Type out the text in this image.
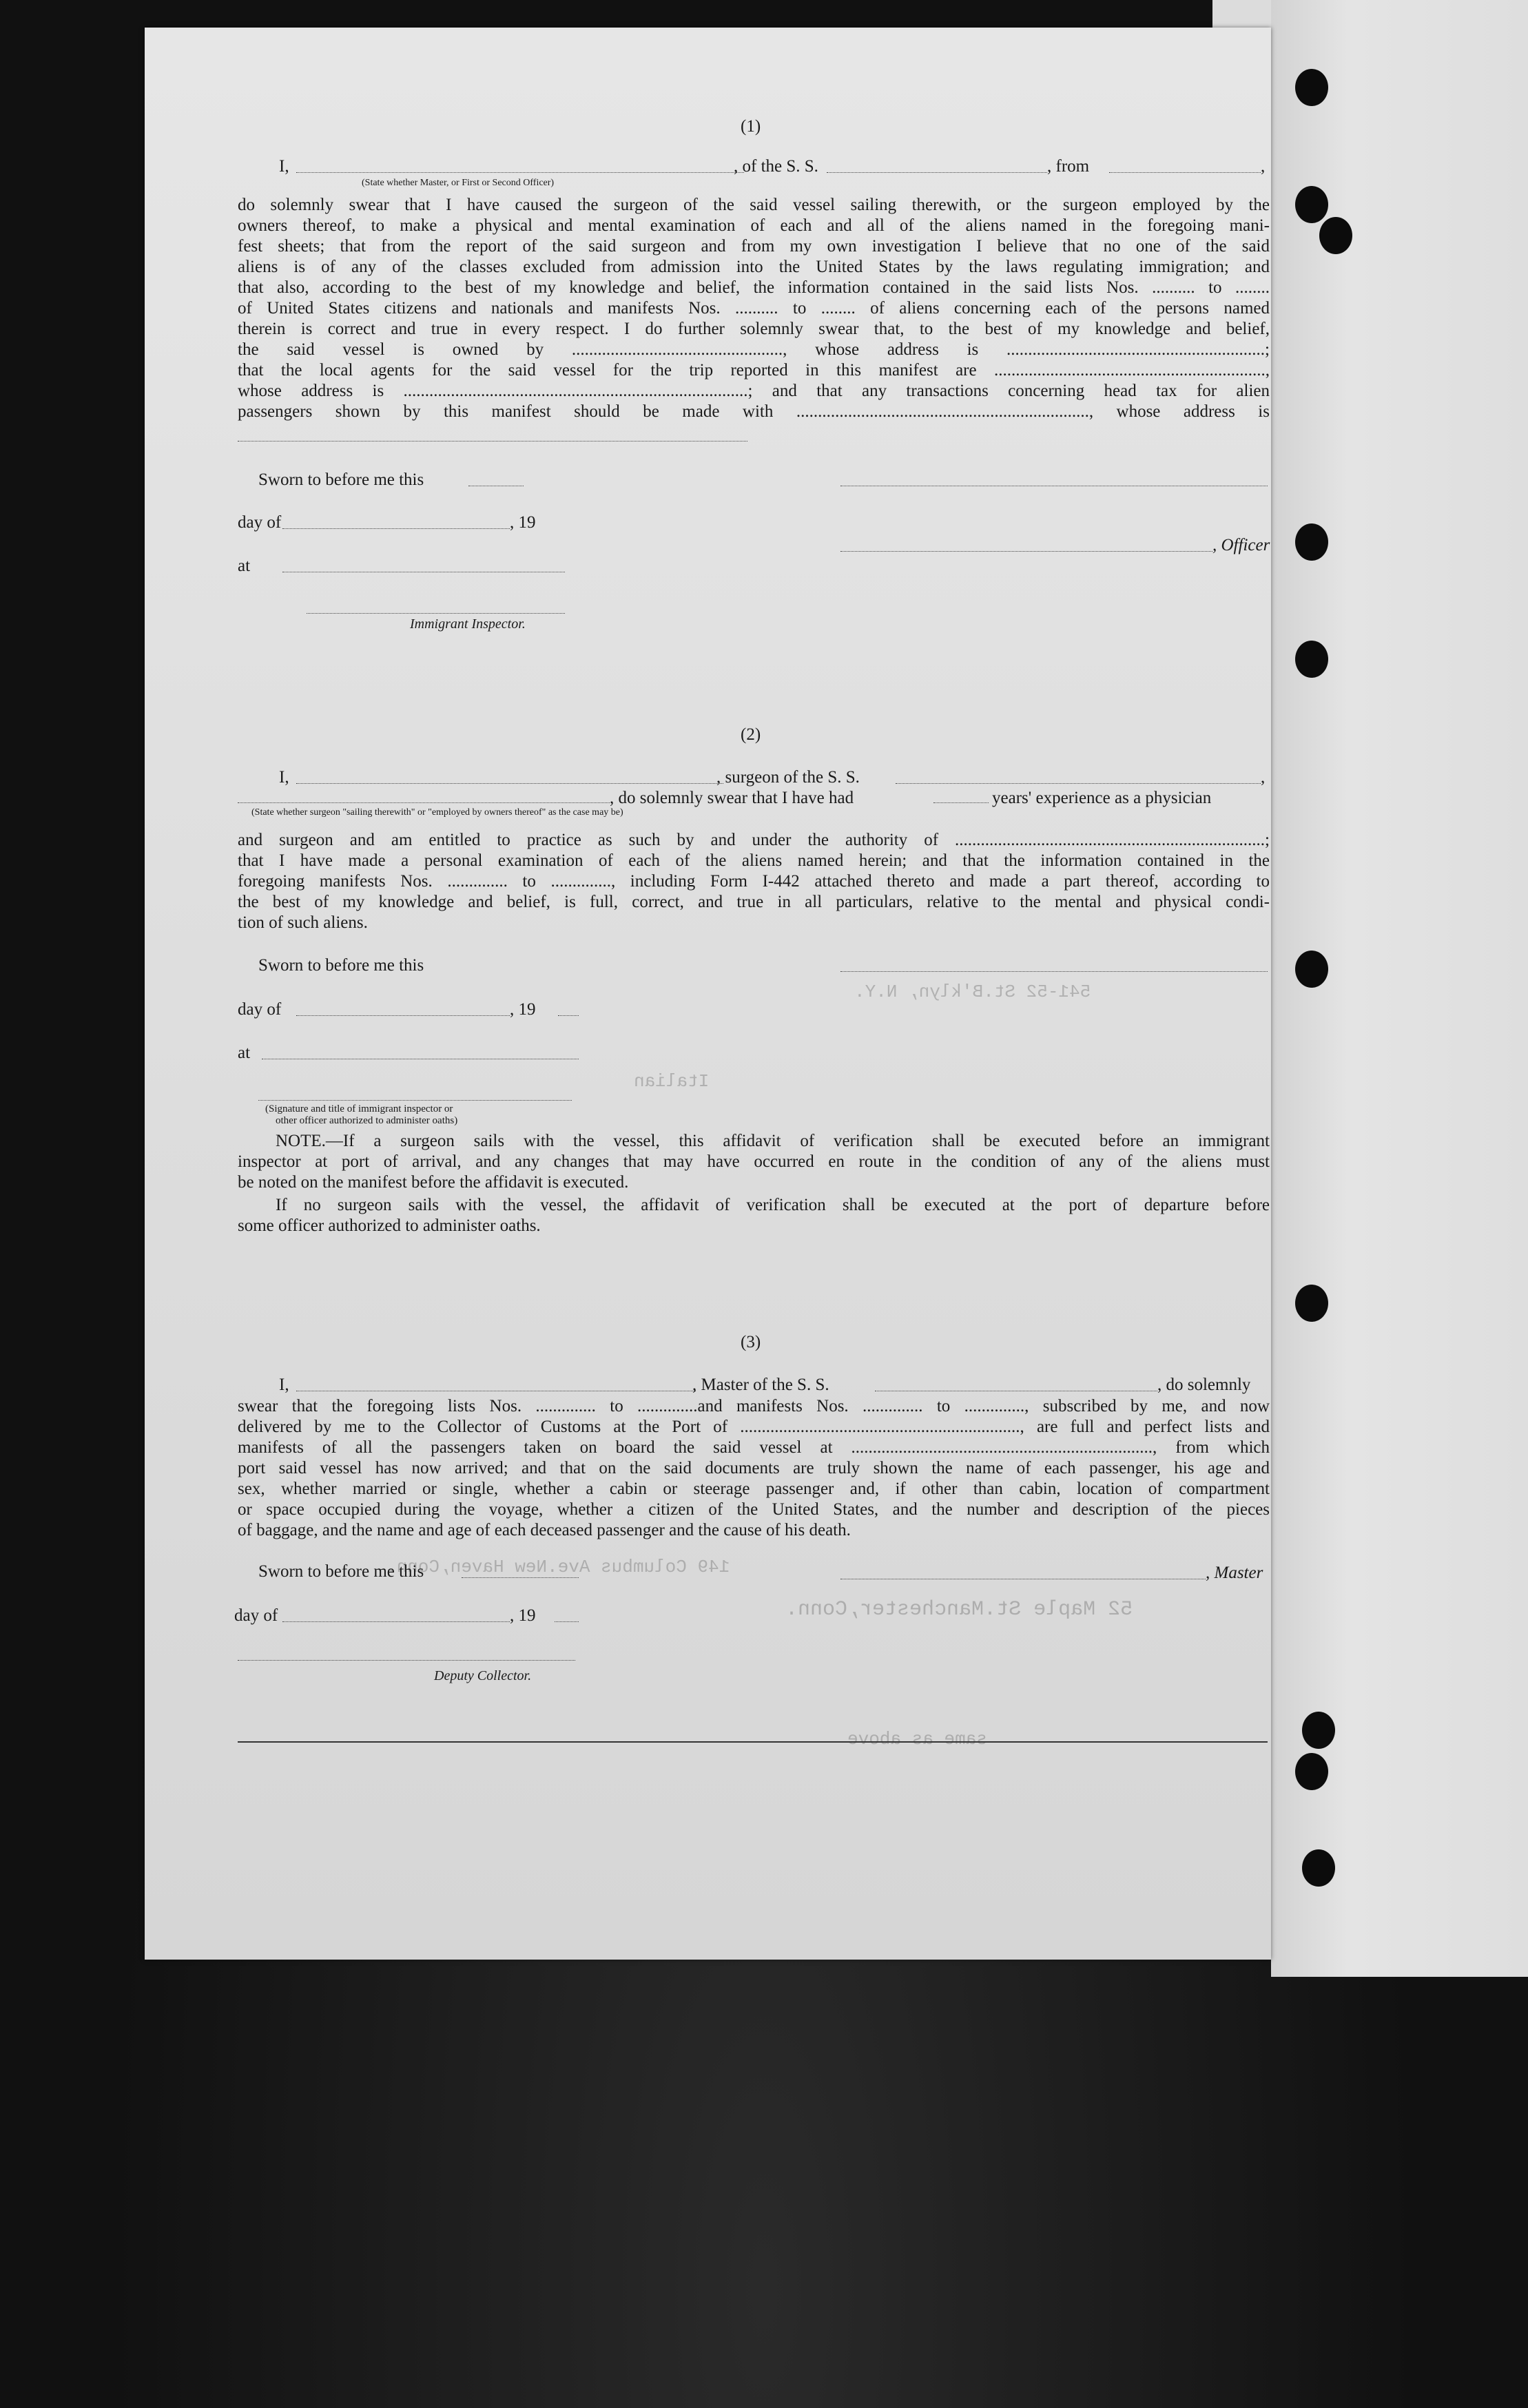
541-52 St.B'klyn, N.Y.
52 Maple St.Manchester,Conn.
Italian
same as above
149 Columbus Ave.New Haven,Conn.
(1)
I,	, of the S. S.	, from	,
(State whether Master, or First or Second Officer)
do solemnly swear that I have caused the surgeon of the said vessel sailing therewith, or the surgeon employed by the
owners thereof, to make a physical and mental examination of each and all of the aliens named in the foregoing mani-
fest sheets; that from the report of the said surgeon and from my own investigation I believe that no one of the said
aliens is of any of the classes excluded from admission into the United States by the laws regulating immigration; and
that also, according to the best of my knowledge and belief, the information contained in the said lists Nos. .......... to ........
of United States citizens and nationals and manifests Nos. .......... to ........ of aliens concerning each of the persons named
therein is correct and true in every respect. I do further solemnly swear that, to the best of my knowledge and belief,
the said vessel is owned by ................................................., whose address is ............................................................;
that the local agents for the said vessel for the trip reported in this manifest are ...............................................................,
whose address is ................................................................................; and that any transactions concerning head tax for alien
passengers shown by this manifest should be made with ...................................................................., whose address is
Sworn to before me this
day of	, 19
, Officer
at
Immigrant Inspector.
(2)
I,	, surgeon of the S. S.	,
, do solemnly swear that I have had	years' experience as a physician
(State whether surgeon "sailing therewith" or "employed by owners thereof" as the case may be)
and surgeon and am entitled to practice as such by and under the authority of ........................................................................;
that I have made a personal examination of each of the aliens named herein; and that the information contained in the
foregoing manifests Nos. .............. to .............., including Form I-442 attached thereto and made a part thereof, according to
the best of my knowledge and belief, is full, correct, and true in all particulars, relative to the mental and physical condi-
tion of such aliens.
Sworn to before me this
day of	, 19
at
(Signature and title of immigrant inspector or
other officer authorized to administer oaths)
NOTE.—If a surgeon sails with the vessel, this affidavit of verification shall be executed before an immigrant
inspector at port of arrival, and any changes that may have occurred en route in the condition of any of the aliens must
be noted on the manifest before the affidavit is executed.
If no surgeon sails with the vessel, the affidavit of verification shall be executed at the port of departure before
some officer authorized to administer oaths.
(3)
I,	, Master of the S. S.	, do solemnly
swear that the foregoing lists Nos. .............. to ..............and manifests Nos. .............. to .............., subscribed by me, and now
delivered by me to the Collector of Customs at the Port of ................................................................., are full and perfect lists and
manifests of all the passengers taken on board the said vessel at ......................................................................, from which
port said vessel has now arrived; and that on the said documents are truly shown the name of each passenger, his age and
sex, whether married or single, whether a cabin or steerage passenger and, if other than cabin, location of compartment
or space occupied during the voyage, whether a citizen of the United States, and the number and description of the pieces
of baggage, and the name and age of each deceased passenger and the cause of his death.
Sworn to before me this	, Master
day of	, 19
Deputy Collector.
